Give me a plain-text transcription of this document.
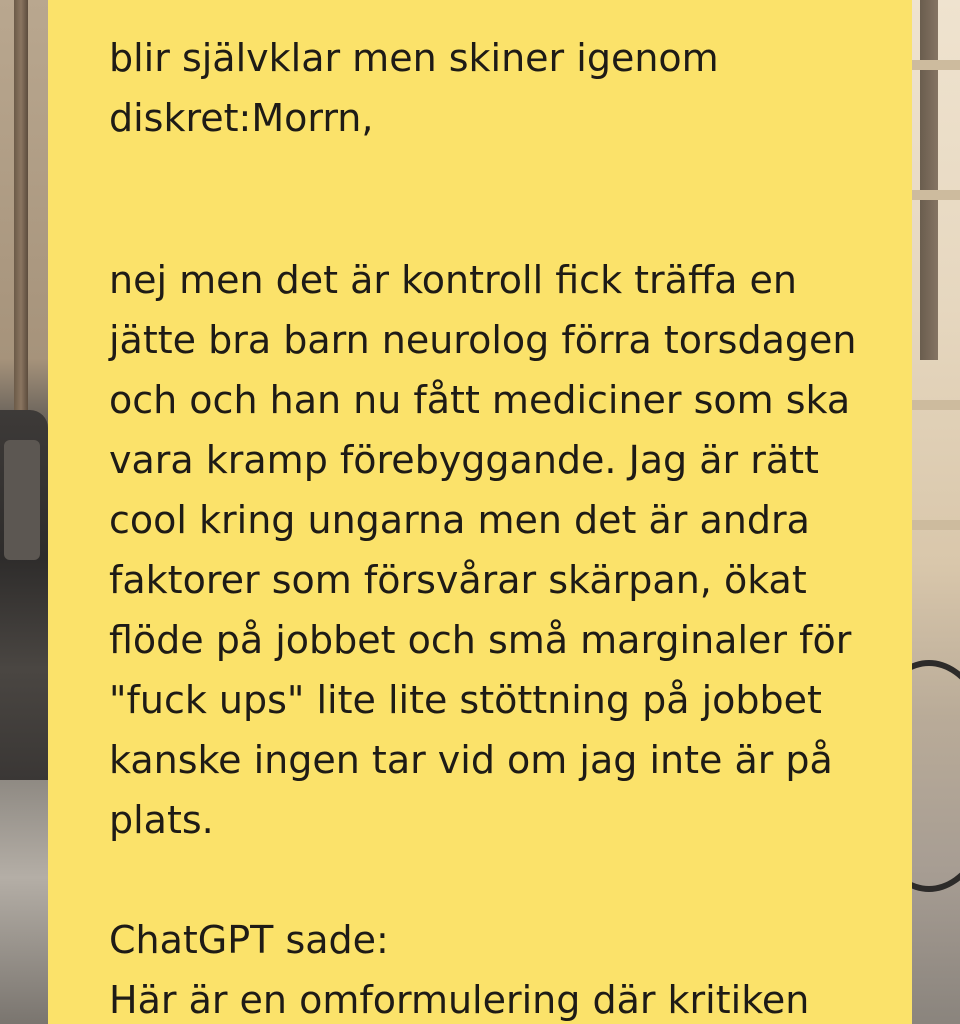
blir självklar men skiner igenom

diskret:Morrn,

nej men det är kontroll fick träffa en

jätte bra barn neurolog förra torsdagen

och och han nu fått mediciner som ska

vara kramp förebyggande. Jag är rätt

cool kring ungarna men det är andra

faktorer som försvårar skärpan, ökat

flöde på jobbet och små marginaler för

"fuck ups" lite lite stöttning på jobbet

kanske ingen tar vid om jag inte är på

plats.

ChatGPT sade:

Här är en omformulering där kritiken
